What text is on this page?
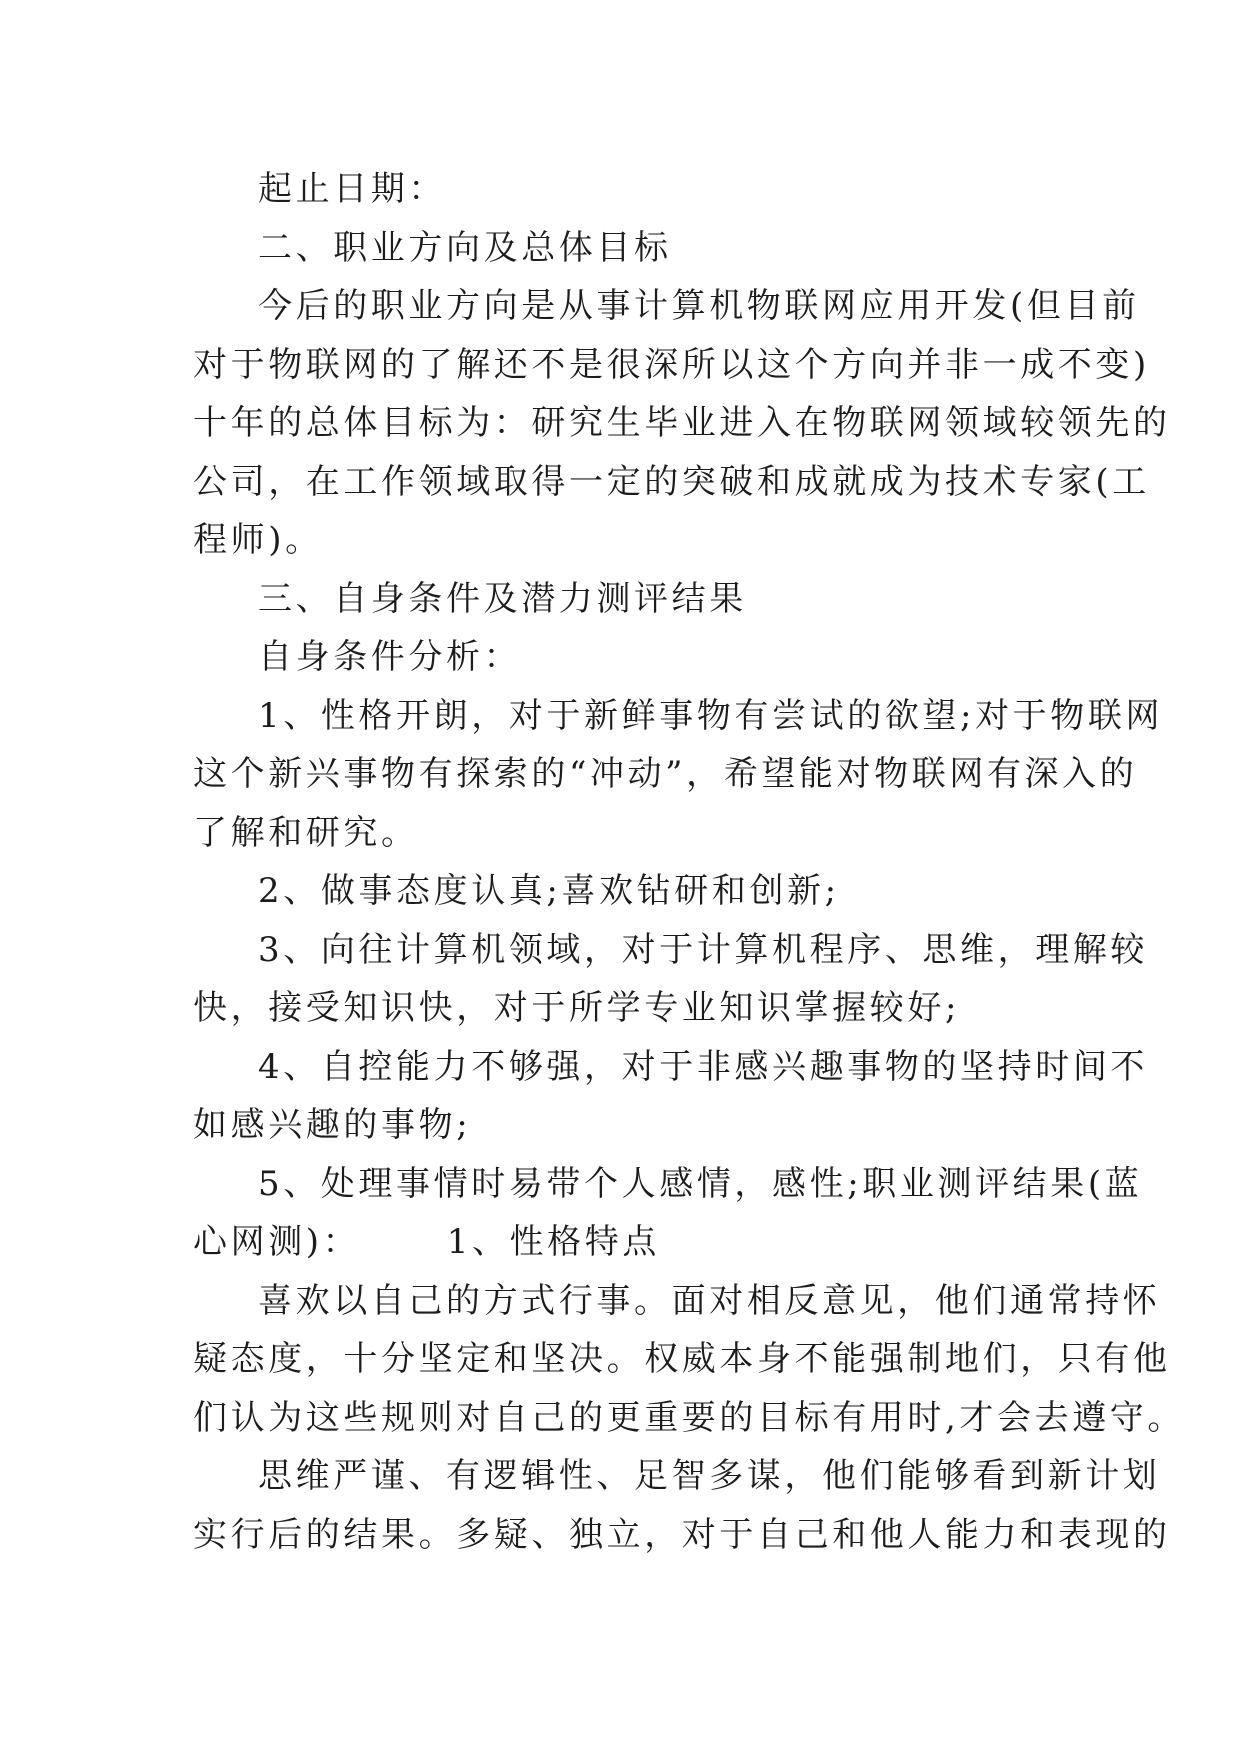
起止日期：
二、职业方向及总体目标
今后的职业方向是从事计算机物联网应用开发(但目前
对于物联网的了解还不是很深所以这个方向并非一成不变)
十年的总体目标为：研究生毕业进入在物联网领域较领先的
公司，在工作领域取得一定的突破和成就成为技术专家(工
程师)。
三、自身条件及潜力测评结果
自身条件分析：
1、性格开朗，对于新鲜事物有尝试的欲望;对于物联网
这个新兴事物有探索的“冲动”，希望能对物联网有深入的
了解和研究。
2、做事态度认真;喜欢钻研和创新;
3、向往计算机领域，对于计算机程序、思维，理解较
快，接受知识快，对于所学专业知识掌握较好;
4、自控能力不够强，对于非感兴趣事物的坚持时间不
如感兴趣的事物;
5、处理事情时易带个人感情，感性;职业测评结果(蓝
心网测)：      1、性格特点
喜欢以自己的方式行事。面对相反意见，他们通常持怀
疑态度，十分坚定和坚决。权威本身不能强制地们，只有他
们认为这些规则对自己的更重要的目标有用时,才会去遵守。
思维严谨、有逻辑性、足智多谋，他们能够看到新计划
实行后的结果。多疑、独立，对于自己和他人能力和表现的
